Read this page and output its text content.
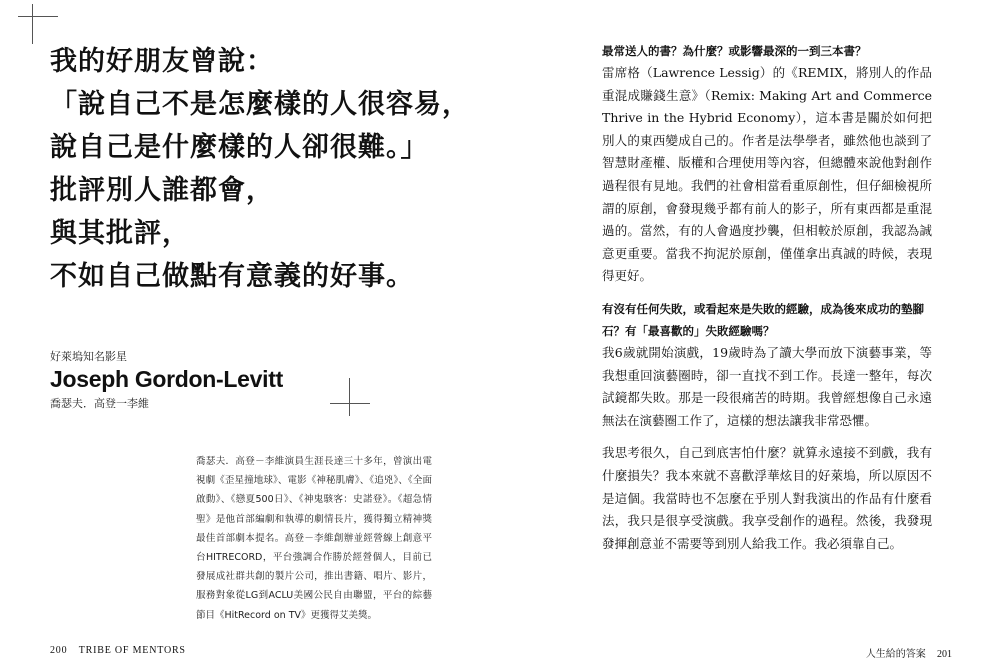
我的好朋友曾說：
「說自己不是怎麼樣的人很容易，
說自己是什麼樣的人卻很難。」
批評別人誰都會，
與其批評，
不如自己做點有意義的好事。
好萊塢知名影星
Joseph Gordon-Levitt
喬瑟夫．高登一李維
喬瑟夫．高登－李維演員生涯長達三十多年，曾演出電視劇《歪星撞地球》、電影《神秘肌膚》、《追兇》、《全面啟動》、《戀夏500日》、《神鬼駭客：史諾登》。《超急情聖》是他首部編劇和執導的劇情長片，獲得獨立精神獎最佳首部劇本提名。高登－李維創辦並經營線上創意平台HITRECORD，平台強調合作勝於經營個人，目前已發展成社群共創的製片公司，推出書籍、唱片、影片，服務對象從LG到ACLU美國公民自由聯盟，平台的綜藝節目《HitRecord on TV》更獲得艾美獎。
最常送人的書？為什麼？或影響最深的一到三本書？
雷席格（Lawrence Lessig）的《REMIX，將別人的作品重混成賺錢生意》（Remix: Making Art and Commerce Thrive in the Hybrid Economy），這本書是關於如何把別人的東西變成自己的。作者是法學學者，雖然他也談到了智慧財產權、版權和合理使用等內容，但總體來說他對創作過程很有見地。我們的社會相當看重原創性，但仔細檢視所謂的原創，會發現幾乎都有前人的影子，所有東西都是重混過的。當然，有的人會過度抄襲，但相較於原創，我認為誠意更重要。當我不拘泥於原創，僅僅拿出真誠的時候，表現得更好。
有沒有任何失敗，或看起來是失敗的經驗，成為後來成功的墊腳石？有「最喜歡的」失敗經驗嗎？
我6歲就開始演戲，19歲時為了讀大學而放下演藝事業，等我想重回演藝圈時，卻一直找不到工作。長達一整年，每次試鏡都失敗。那是一段很痛苦的時期。我曾經想像自己永遠無法在演藝圈工作了，這樣的想法讓我非常恐懼。
我思考很久，自己到底害怕什麼？就算永遠接不到戲，我有什麼損失？我本來就不喜歡浮華炫目的好萊塢，所以原因不是這個。我當時也不怎麼在乎別人對我演出的作品有什麼看法，我只是很享受演戲。我享受創作的過程。然後，我發現發揮創意並不需要等到別人給我工作。我必須靠自己。
200 TRIBE OF MENTORS	人生給的答案 201
